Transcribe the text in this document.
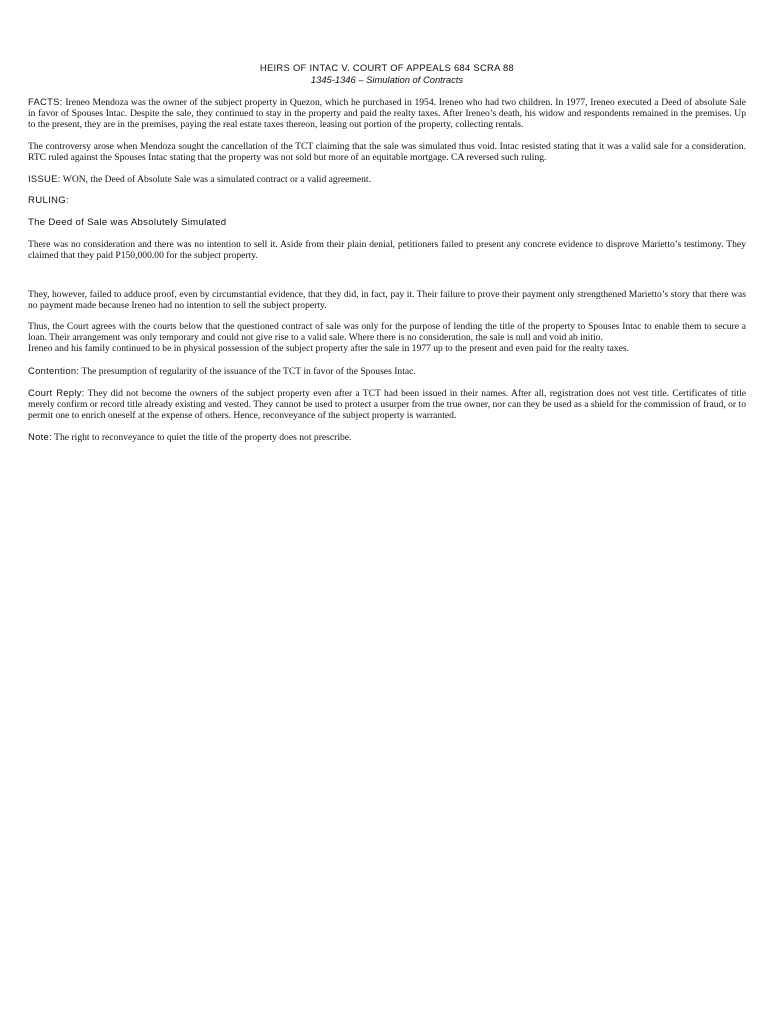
HEIRS OF INTAC V. COURT OF APPEALS 684 SCRA 88
1345-1346 – Simulation of Contracts

FACTS: Ireneo Mendoza was the owner of the subject property in Quezon, which he purchased in 1954. Ireneo who had two children. In 1977, Ireneo executed a Deed of absolute Sale in favor of Spouses Intac. Despite the sale, they continued to stay in the property and paid the realty taxes. After Ireneo’s death, his widow and respondents remained in the premises. Up to the present, they are in the premises, paying the real estate taxes thereon, leasing out portion of the property, collecting rentals.

The controversy arose when Mendoza sought the cancellation of the TCT claiming that the sale was simulated thus void. Intac resisted stating that it was a valid sale for a consideration. RTC ruled against the Spouses Intac stating that the property was not sold but more of an equitable mortgage. CA reversed such ruling.

ISSUE: WON, the Deed of Absolute Sale was a simulated contract or a valid agreement.

RULING:

The Deed of Sale was Absolutely Simulated

There was no consideration and there was no intention to sell it. Aside from their plain denial, petitioners failed to present any concrete evidence to disprove Marietto’s testimony. They claimed that they paid P150,000.00 for the subject property.

They, however, failed to adduce proof, even by circumstantial evidence, that they did, in fact, pay it. Their failure to prove their payment only strengthened Marietto’s story that there was no payment made because Ireneo had no intention to sell the subject property.

Thus, the Court agrees with the courts below that the questioned contract of sale was only for the purpose of lending the title of the property to Spouses Intac to enable them to secure a loan. Their arrangement was only temporary and could not give rise to a valid sale. Where there is no consideration, the sale is null and void ab initio.

Ireneo and his family continued to be in physical possession of the subject property after the sale in 1977 up to the present and even paid for the realty taxes.

Contention: The presumption of regularity of the issuance of the TCT in favor of the Spouses Intac.

Court Reply: They did not become the owners of the subject property even after a TCT had been issued in their names. After all, registration does not vest title. Certificates of title merely confirm or record title already existing and vested. They cannot be used to protect a usurper from the true owner, nor can they be used as a shield for the commission of fraud, or to permit one to enrich oneself at the expense of others. Hence, reconveyance of the subject property is warranted.

Note: The right to reconveyance to quiet the title of the property does not prescribe.
